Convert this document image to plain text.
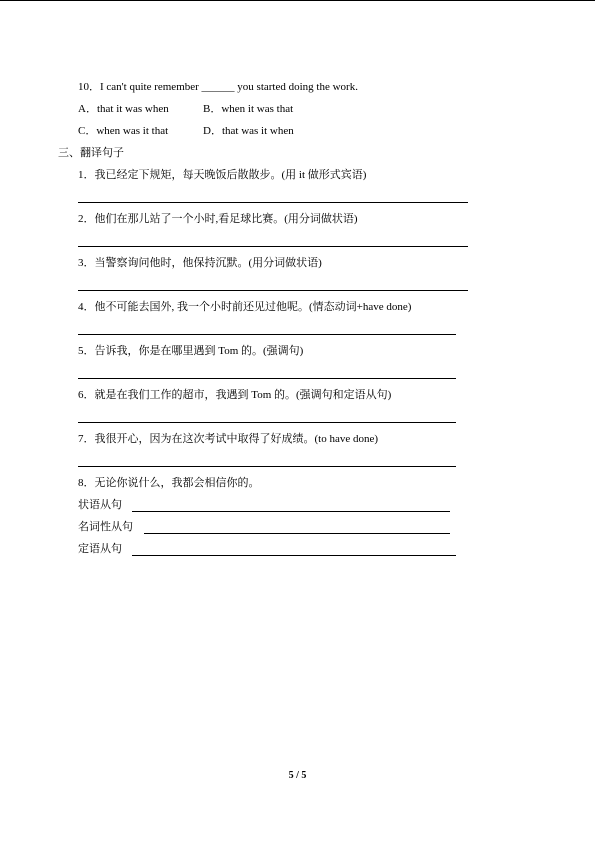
10．I can't quite remember ______ you started doing the work.
A．that it was when	B．when it was that
C．when was it that	D．that was it when
三、翻译句子
1．我已经定下规矩，每天晚饭后散散步。(用 it 做形式宾语)
2．他们在那儿站了一个小时,看足球比赛。(用分词做状语)
3．当警察询问他时，他保持沉默。(用分词做状语)
4．他不可能去国外, 我一个小时前还见过他呢。(情态动词+have done)
5．告诉我，你是在哪里遇到 Tom 的。(强调句)
6．就是在我们工作的超市，我遇到 Tom 的。(强调句和定语从句)
7．我很开心，因为在这次考试中取得了好成绩。(to have done)
8．无论你说什么，我都会相信你的。
状语从句
名词性从句
定语从句
5 / 5
